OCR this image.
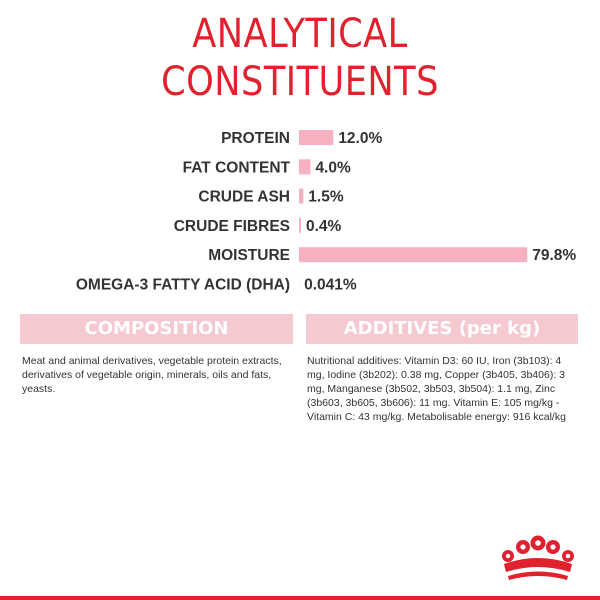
ANALYTICAL
CONSTITUENTS
PROTEIN	12.0%
FAT CONTENT 4.0%
CRUDE ASH 1.5%
CRUDE FIBRES 0.4%
MOISTURE	79.8%
OMEGA-3 FATTY ACID (DHA) 0.041%
COMPOSITION
Meat and animal derivatives, vegetable protein extracts, derivatives of vegetable origin, minerals, oils and fats, yeasts.
ADDITIVES (per kg)
Nutritional additives: Vitamin D3: 60 IU, Iron (3b103): 4 mg, Iodine (3b202): 0.38 mg, Copper (3b405, 3b406): 3 mg, Manganese (3b502, 3b503, 3b504): 1.1 mg, Zinc (3b603, 3b605, 3b606): 11 mg. Vitamin E: 105 mg/kg - Vitamin C: 43 mg/kg. Metabolisable energy: 916 kcal/kg
